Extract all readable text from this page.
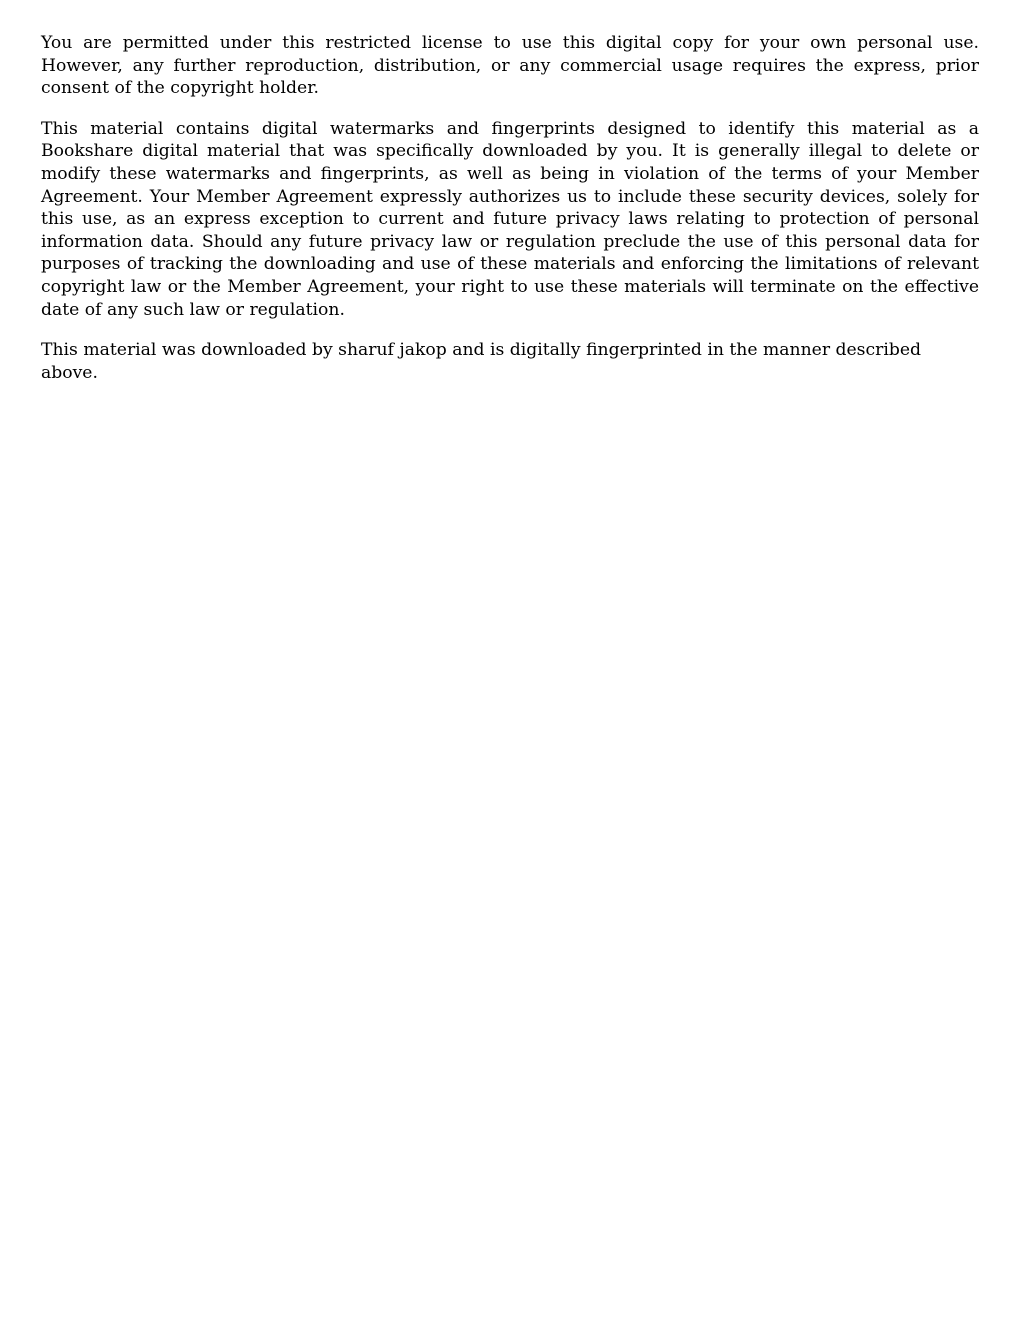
You are permitted under this restricted license to use this digital copy for your own personal use. However, any further reproduction, distribution, or any commercial usage requires the express, prior consent of the copyright holder.

This material contains digital watermarks and fingerprints designed to identify this material as a Bookshare digital material that was specifically downloaded by you. It is generally illegal to delete or modify these watermarks and fingerprints, as well as being in violation of the terms of your Member Agreement. Your Member Agreement expressly authorizes us to include these security devices, solely for this use, as an express exception to current and future privacy laws relating to protection of personal information data. Should any future privacy law or regulation preclude the use of this personal data for purposes of tracking the downloading and use of these materials and enforcing the limitations of relevant copyright law or the Member Agreement, your right to use these materials will terminate on the effective date of any such law or regulation.

This material was downloaded by sharuf jakop and is digitally fingerprinted in the manner described above.
